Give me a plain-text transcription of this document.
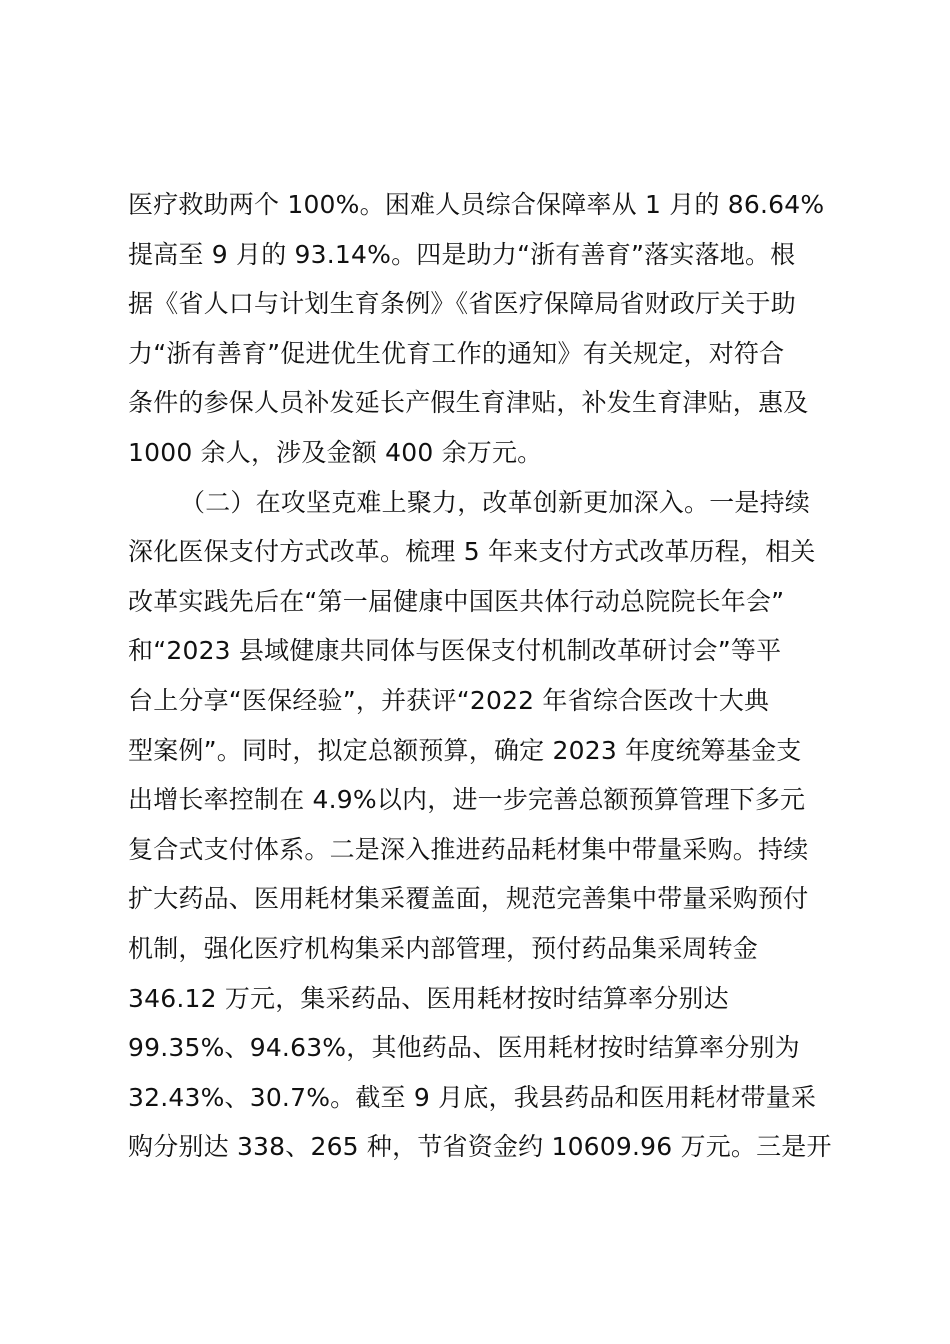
医疗救助两个 100%。困难人员综合保障率从 1 月的 86.64%
提高至 9 月的 93.14%。四是助力“浙有善育”落实落地。根
据《省人口与计划生育条例》《省医疗保障局省财政厅关于助
力“浙有善育”促进优生优育工作的通知》有关规定，对符合
条件的参保人员补发延长产假生育津贴，补发生育津贴，惠及
1000 余人，涉及金额 400 余万元。
（二）在攻坚克难上聚力，改革创新更加深入。一是持续
深化医保支付方式改革。梳理 5 年来支付方式改革历程，相关
改革实践先后在“第一届健康中国医共体行动总院院长年会”
和“2023 县域健康共同体与医保支付机制改革研讨会”等平
台上分享“医保经验”，并获评“2022 年省综合医改十大典
型案例”。同时，拟定总额预算，确定 2023 年度统筹基金支
出增长率控制在 4.9%以内，进一步完善总额预算管理下多元
复合式支付体系。二是深入推进药品耗材集中带量采购。持续
扩大药品、医用耗材集采覆盖面，规范完善集中带量采购预付
机制，强化医疗机构集采内部管理，预付药品集采周转金
346.12 万元，集采药品、医用耗材按时结算率分别达
99.35%、94.63%，其他药品、医用耗材按时结算率分别为
32.43%、30.7%。截至 9 月底，我县药品和医用耗材带量采
购分别达 338、265 种，节省资金约 10609.96 万元。三是开
